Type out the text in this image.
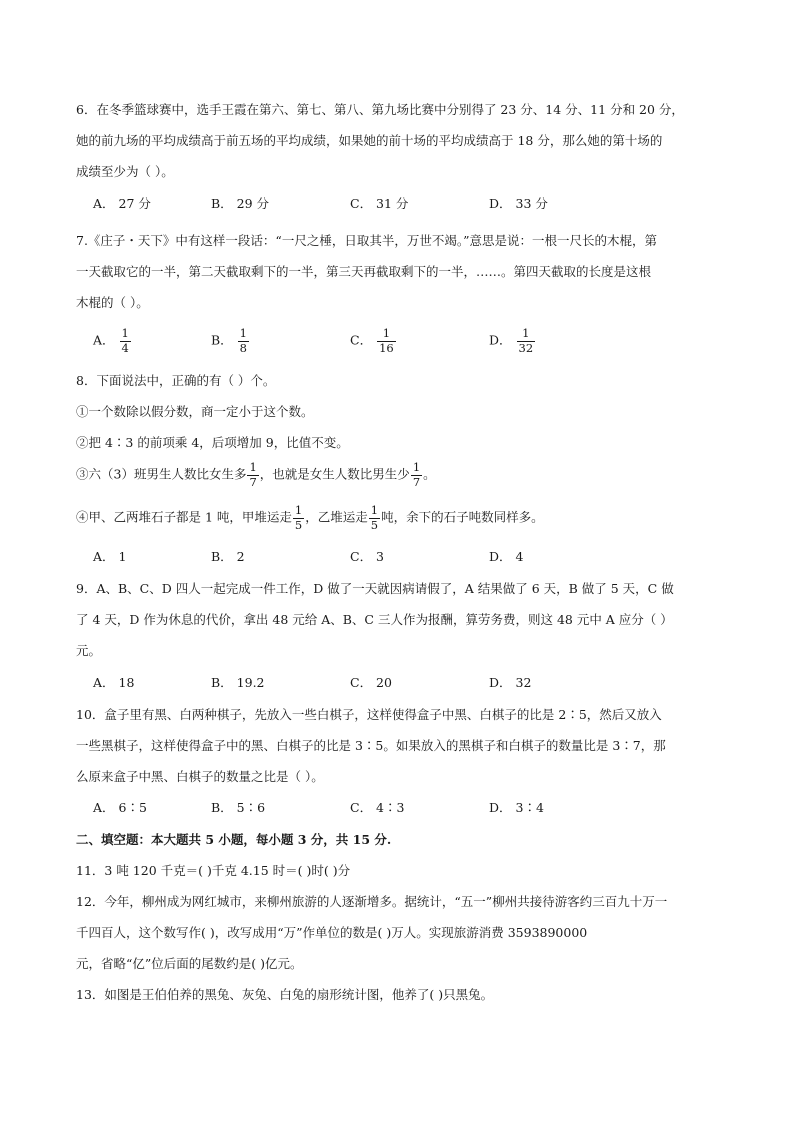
6．在冬季篮球赛中，选手王霞在第六、第七、第八、第九场比赛中分别得了 23 分、14 分、11 分和 20 分，
她的前九场的平均成绩高于前五场的平均成绩，如果她的前十场的平均成绩高于 18 分，那么她的第十场的
成绩至少为（ ）。
A． 27 分	B． 29 分	C． 31 分	D． 33 分
7.《庄子・天下》中有这样一段话：“一尺之棰，日取其半，万世不竭。”意思是说：一根一尺长的木棍，第
一天截取它的一半，第二天截取剩下的一半，第三天再截取剩下的一半，……。第四天截取的长度是这根
木棍的（ ）。
A． $\frac{1}{4}$	B． $\frac{1}{8}$	C． $\frac{1}{16}$	D． $\frac{1}{32}$
8．下面说法中，正确的有（ ）个。
①一个数除以假分数，商一定小于这个数。
②把 4∶3 的前项乘 4，后项增加 9，比值不变。
③六（3）班男生人数比女生多 $\frac{1}{7}$ ，也就是女生人数比男生少 $\frac{1}{7}$ 。
④甲、乙两堆石子都是 1 吨，甲堆运走 $\frac{1}{5}$ ，乙堆运走 $\frac{1}{5}$ 吨，余下的石子吨数同样多。
A． 1	B． 2	C． 3	D． 4
9．A、B、C、D 四人一起完成一件工作，D 做了一天就因病请假了，A 结果做了 6 天，B 做了 5 天，C 做
了 4 天，D 作为休息的代价，拿出 48 元给 A、B、C 三人作为报酬，算劳务费，则这 48 元中 A 应分（ ）
元。
A． 18	B． 19.2	C． 20	D． 32
10．盒子里有黑、白两种棋子，先放入一些白棋子，这样使得盒子中黑、白棋子的比是 2∶5，然后又放入
一些黑棋子，这样使得盒子中的黑、白棋子的比是 3∶5。如果放入的黑棋子和白棋子的数量比是 3∶7，那
么原来盒子中黑、白棋子的数量之比是（ ）。
A． 6∶5	B． 5∶6	C． 4∶3	D． 3∶4
二、填空题：本大题共 5 小题，每小题 3 分，共 15 分.
11．3 吨 120 千克＝( )千克 4.15 时＝( )时( )分
12．今年，柳州成为网红城市，来柳州旅游的人逐渐增多。据统计，“五一”柳州共接待游客约三百九十万一
千四百人，这个数写作( )，改写成用“万”作单位的数是( )万人。实现旅游消费 3593890000
元，省略“亿”位后面的尾数约是( )亿元。
13．如图是王伯伯养的黑兔、灰兔、白兔的扇形统计图，他养了( )只黑兔。
